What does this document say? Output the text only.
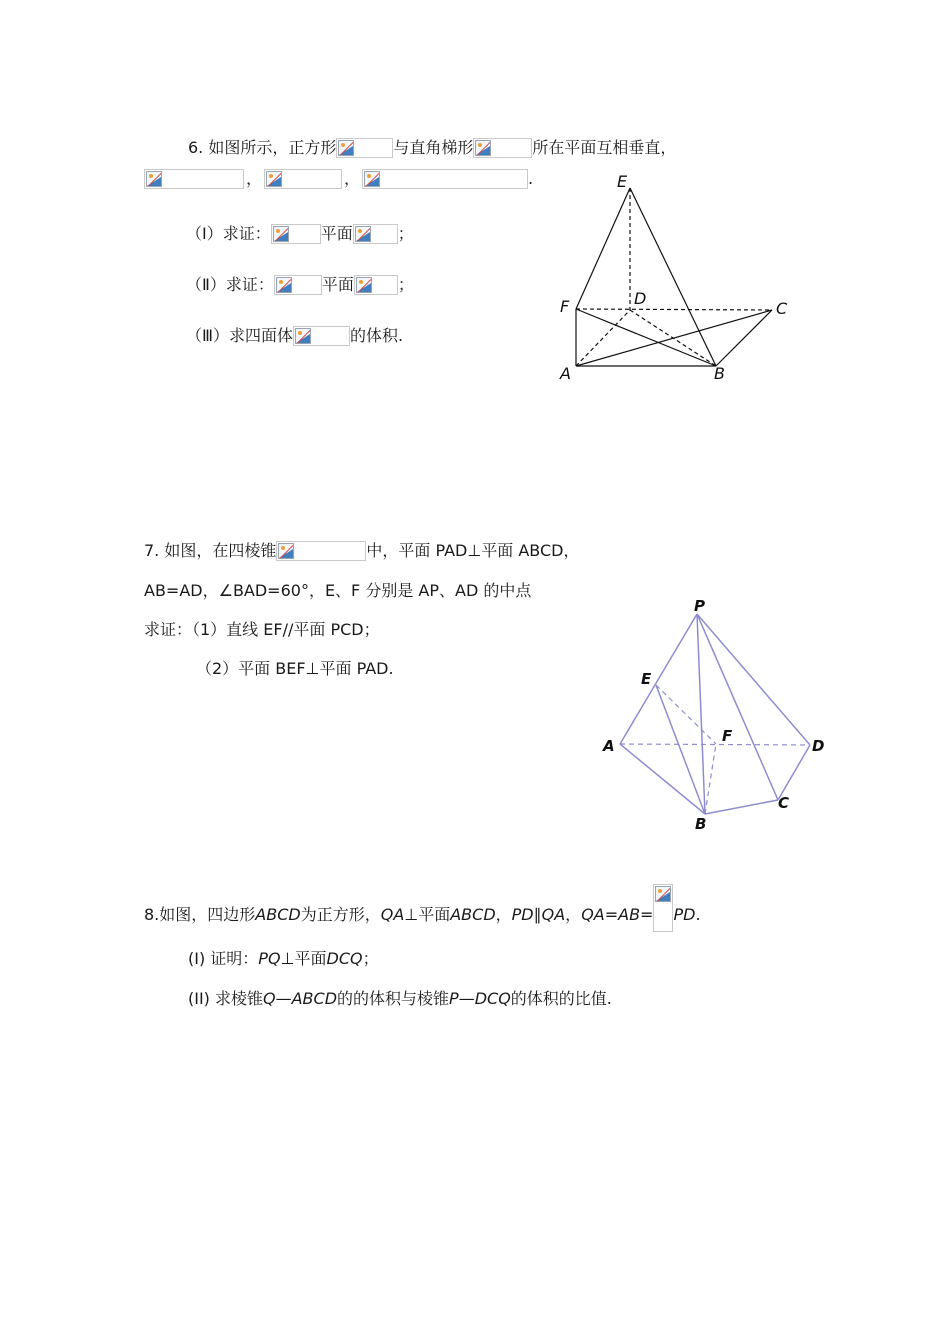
6. 如图所示，正方形	与直角梯形	所在平面互相垂直，
，	，	.
（Ⅰ）求证：	平面	；
（Ⅱ）求证：	平面	；
（Ⅲ）求四面体	的体积.
E
F	D
C
A	B
7. 如图，在四棱锥	中，平面 PAD⊥平面 ABCD，
AB=AD，∠BAD=60°，E、F 分别是 AP、AD 的中点
求证：（1）直线 EF//平面 PCD；
（2）平面 BEF⊥平面 PAD.
P
E
A
F
D
B
C
8.如图，四边形 ABCD 为正方形， QA ⊥平面 ABCD ， PD ∥ QA ， QA=AB= PD .
(I) 证明： PQ ⊥平面 DCQ ；
(II) 求棱锥 Q—ABCD 的的体积与棱锥 P—DCQ 的体积的比值.
